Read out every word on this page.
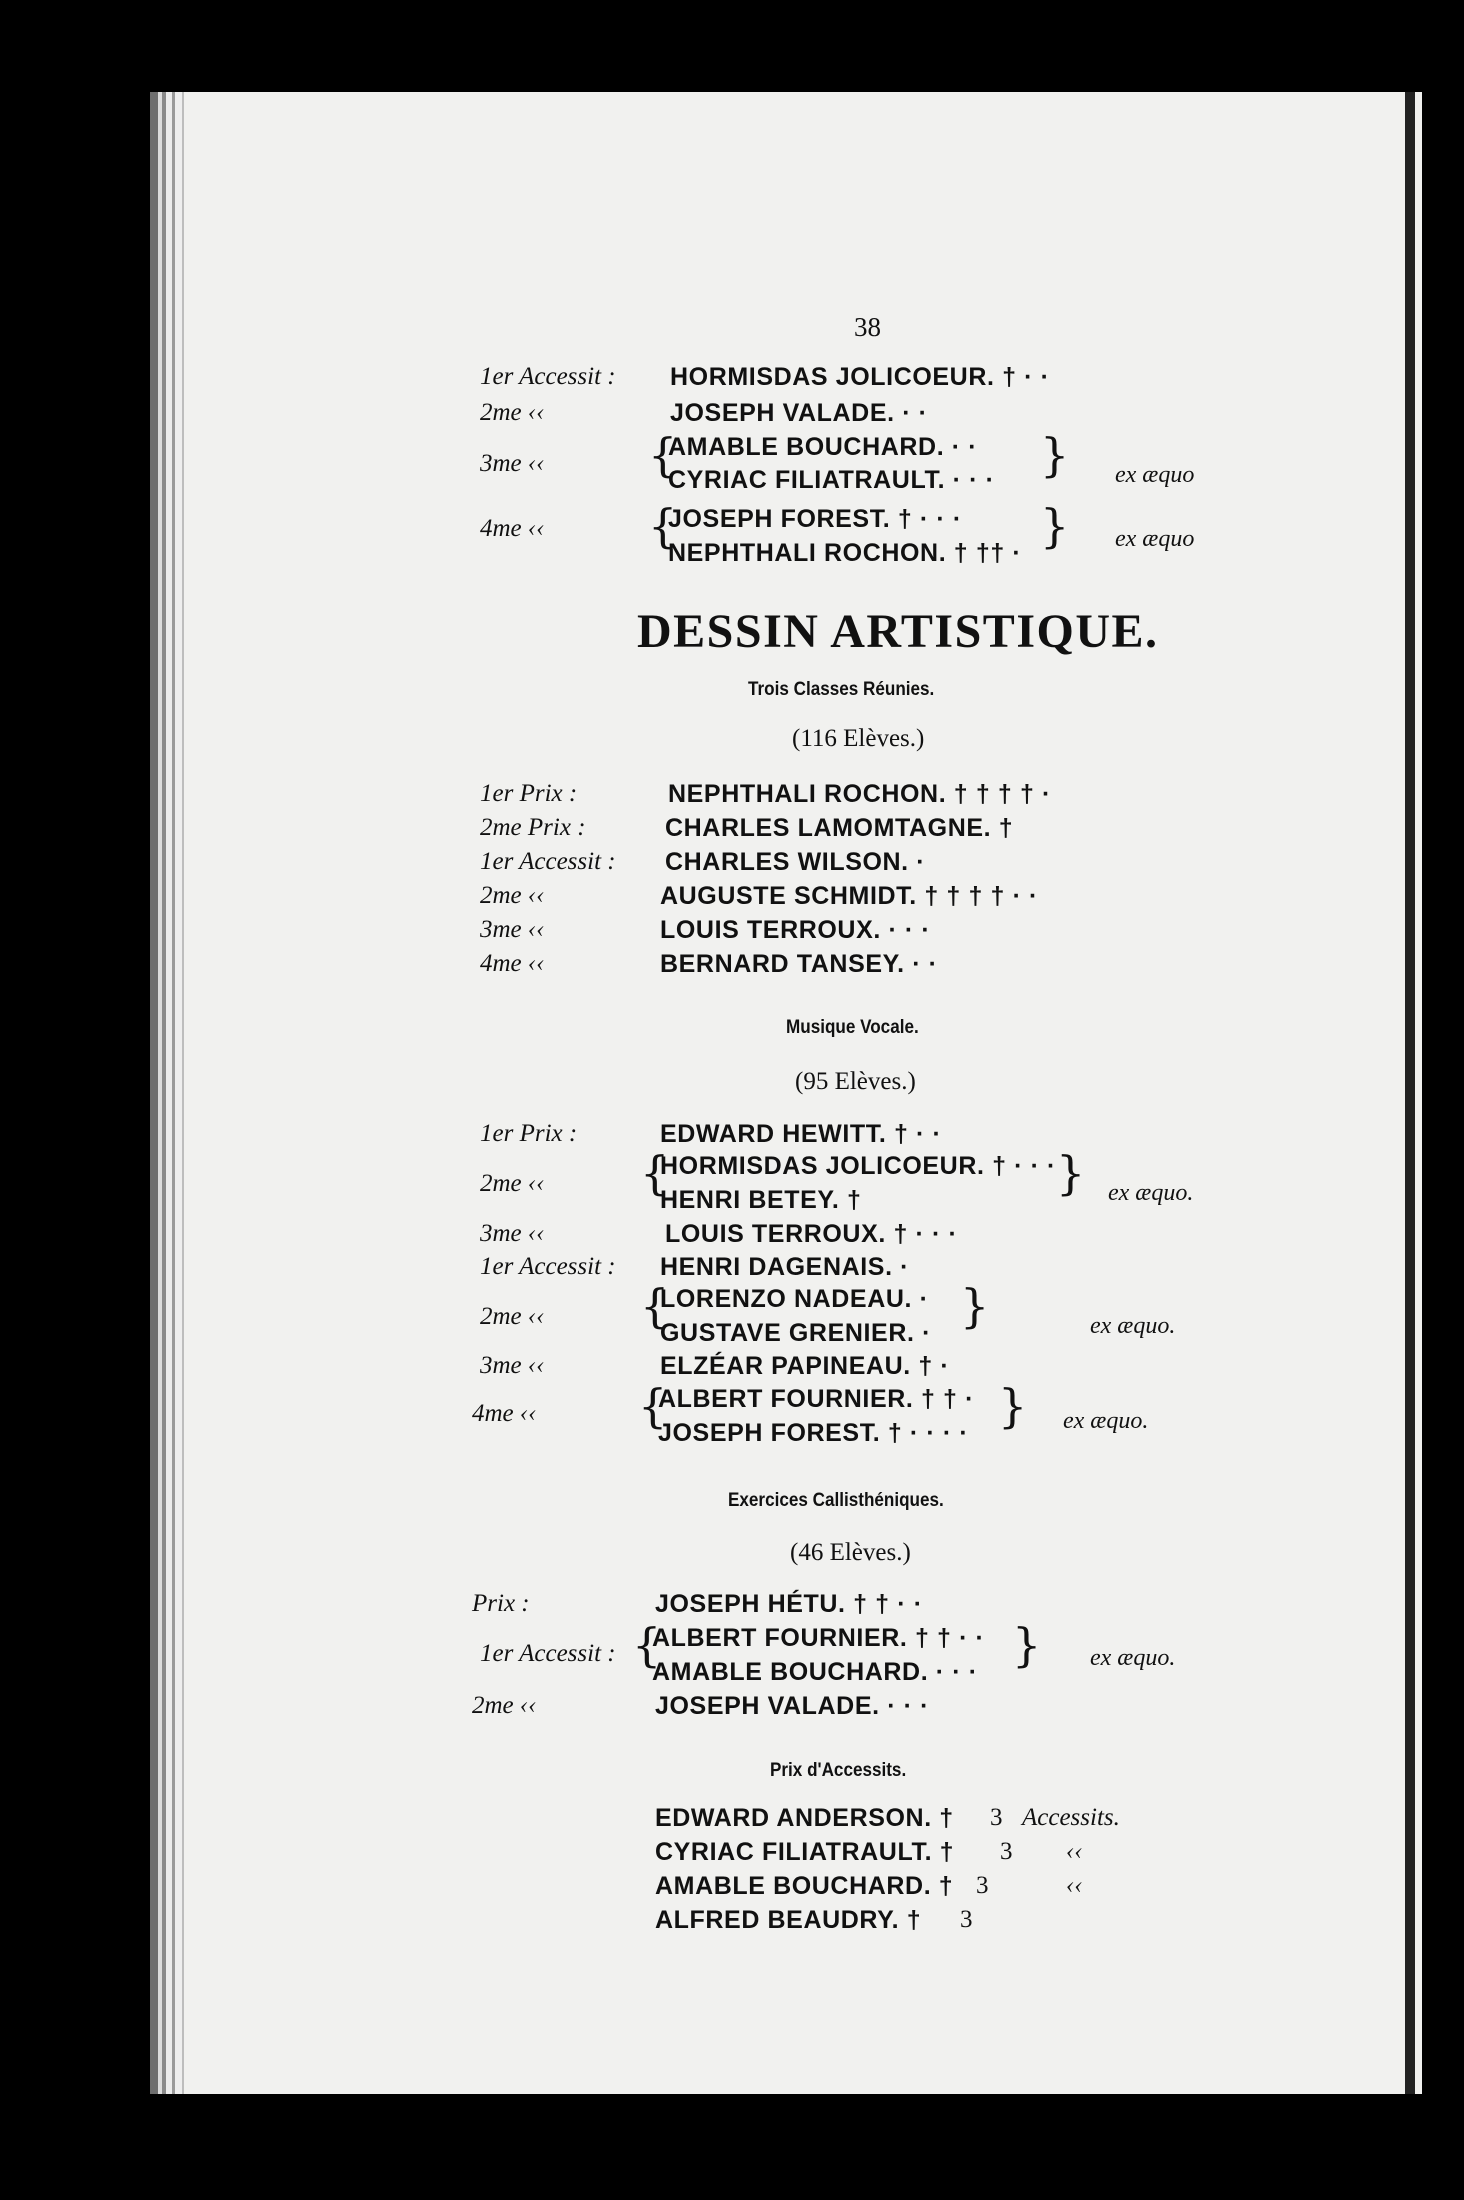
38
1er Accessit : HORMISDAS JOLICOEUR. † · ·
2me ‹‹	JOSEPH VALADE. · ·
3me ‹‹ {
AMABLE BOUCHARD. · ·
CYRIAC FILIATRAULT. · · · } ex æquo
4me ‹‹ {
JOSEPH FOREST. † · · ·
NEPHTHALI ROCHON. † †† · } ex æquo
DESSIN ARTISTIQUE.
Trois Classes Réunies.
(116 Elèves.)
1er Prix :	NEPHTHALI ROCHON. † † † † ·
2me Prix :	CHARLES LAMOMTAGNE. †
1er Accessit : CHARLES WILSON. ·
2me ‹‹	AUGUSTE SCHMIDT. † † † † · ·
3me ‹‹	LOUIS TERROUX. · · ·
4me ‹‹	BERNARD TANSEY. · ·
Musique Vocale.
(95 Elèves.)
1er Prix :	EDWARD HEWITT. † · ·
2me ‹‹ {
HORMISDAS JOLICOEUR. † · · ·
HENRI BETEY. †	} ex æquo.
3me ‹‹	LOUIS TERROUX. † · · ·
1er Accessit : HENRI DAGENAIS. ·
2me ‹‹ {
LORENZO NADEAU. ·
GUSTAVE GRENIER. · }	ex æquo.
3me ‹‹	ELZÉAR PAPINEAU. † ·
4me ‹‹ {
ALBERT FOURNIER. † † ·
JOSEPH FOREST. † · · · · } ex æquo.
Exercices Callisthéniques.
(46 Elèves.)
Prix :	JOSEPH HÉTU. † † · ·
1er Accessit : {
ALBERT FOURNIER. † † · ·
AMABLE BOUCHARD. · · · } ex æquo.
2me ‹‹	JOSEPH VALADE. · · ·
Prix d'Accessits.
EDWARD ANDERSON. † 3 Accessits.
CYRIAC FILIATRAULT. † 3 ‹‹
AMABLE BOUCHARD. † 3	‹‹
ALFRED BEAUDRY. † 3
